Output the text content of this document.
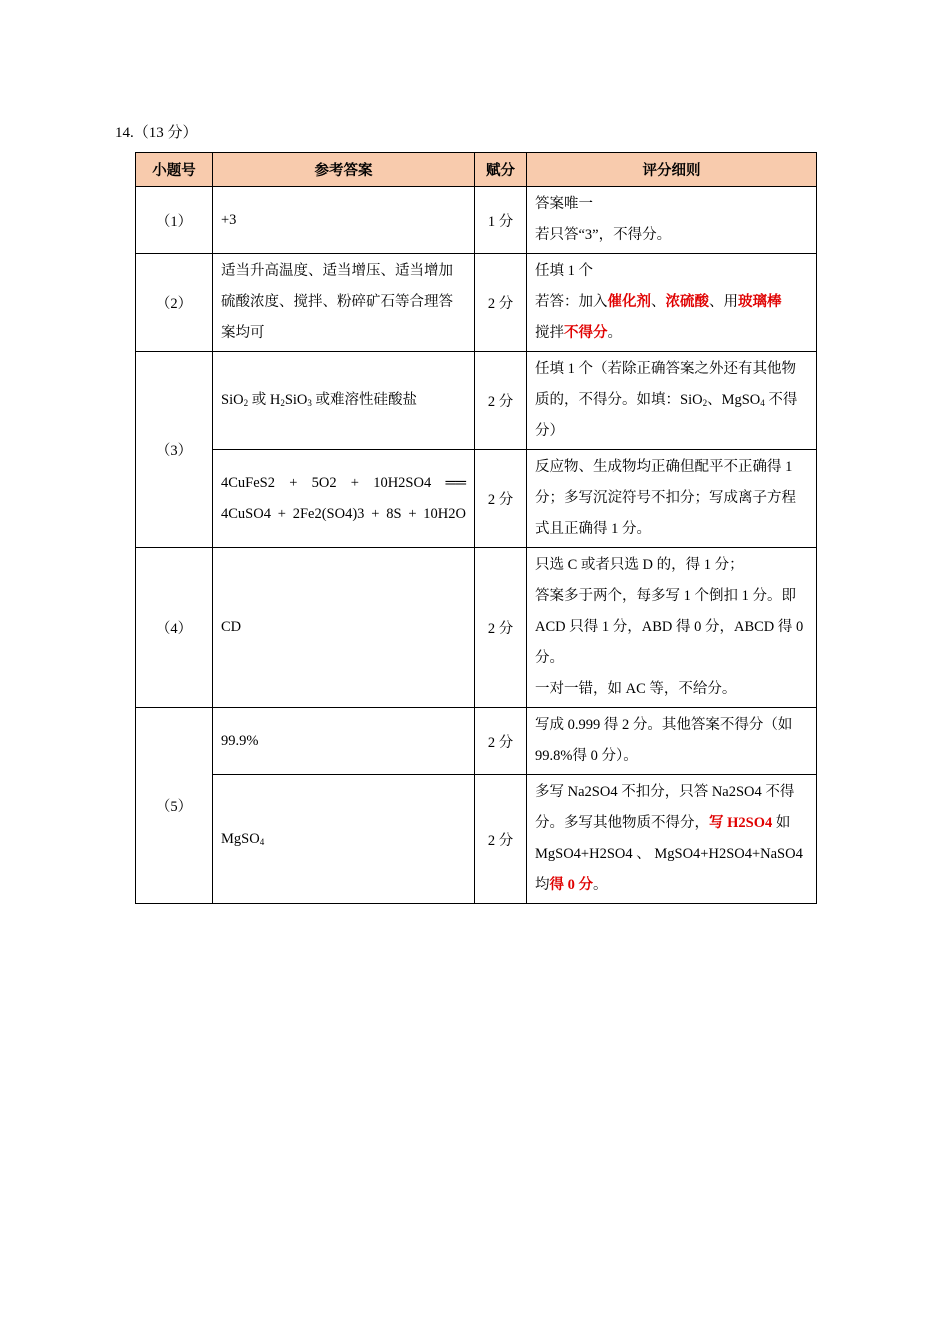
14.（13 分）
小题号	参考答案	赋分	评分细则
（1）	+3	1 分	答案唯一
若只答“3”，不得分。

（2）	适当升高温度、适当增压、适当增加硫酸浓度、搅拌、粉碎矿石等合理答案均可	2 分	任填 1 个
若答：加入催化剂、浓硫酸、用玻璃棒
搅拌不得分。

（3）	SiO$_2$ 或 $H_2SiO_3$ 或难溶性硅酸盐	2 分	任填 1 个（若除正确答案之外还有其他物质的，不得分。如填：SiO$_2$、MgSO$_4$ 不得分）
	4CuFeS2 + 5O2 + 10H2SO4 ══ 4CuSO4 + 2Fe2(SO4)3 + 8S + 10H2O	2 分	反应物、生成物均正确但配平不正确得 1 分；多写沉淀符号不扣分；写成离子方程式且正确得 1 分。
（4）	CD	2 分	只选 C 或者只选 D 的，得 1 分；
答案多于两个，每多写 1 个倒扣 1 分。即 ACD 只得 1 分，ABD 得 0 分，ABCD 得 0 分。
一对一错，如 AC 等，不给分。

（5）	99.9%	2 分	写成 0.999 得 2 分。其他答案不得分（如 99.8%得 0 分）。
	MgSO$_4$	2 分	多写 Na2SO4 不扣分，只答 Na2SO4 不得分。多写其他物质不得分，写 H2SO4 如 MgSO4+H2SO4 、 MgSO4+H2SO4+NaSO4 均得 0 分。
